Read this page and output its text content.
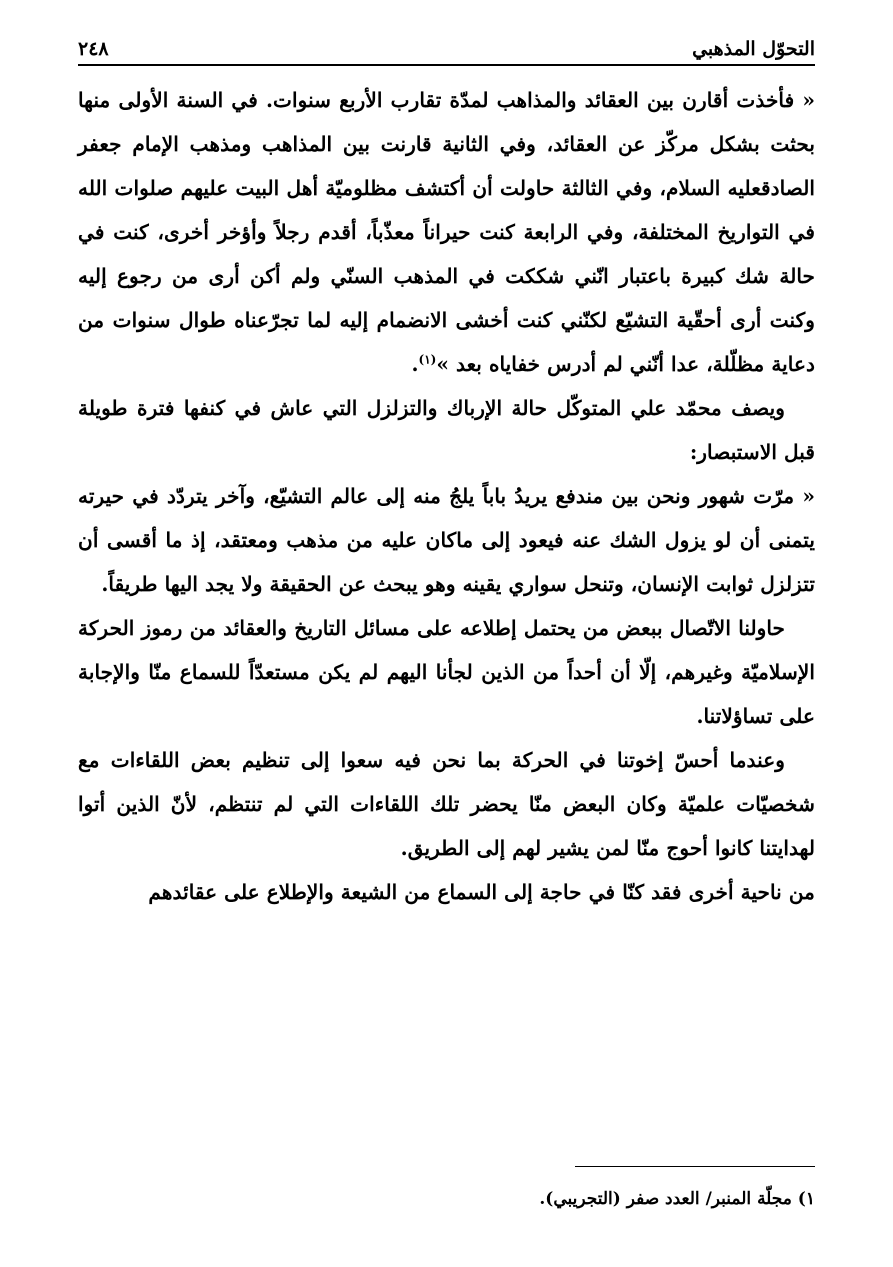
التحوّل المذهبي
٢٤٨

« فأخذت أقارن بين العقائد والمذاهب لمدّة تقارب الأربع سنوات. في السنة الأولى منها بحثت بشكل مركّز عن العقائد، وفي الثانية قارنت بين المذاهب ومذهب الإمام جعفر الصادقعليه السلام، وفي الثالثة حاولت أن أكتشف مظلوميّة أهل البيت عليهم صلوات الله في التواريخ المختلفة، وفي الرابعة كنت حيراناً معذّباً، أقدم رجلاً وأؤخر أخرى، كنت في حالة شك كبيرة باعتبار انّني شككت في المذهب السنّي ولم أكن أرى من رجوع إليه وكنت أرى أحقّية التشيّع لكنّني كنت أخشى الانضمام إليه لما تجرّعناه طوال سنوات من دعاية مظلّلة، عدا أنّني لم أدرس خفاياه بعد »$^{(١)}$.

ويصف محمّد علي المتوكّل حالة الإرباك والتزلزل التي عاش في كنفها فترة طويلة قبل الاستبصار:

« مرّت شهور ونحن بين مندفع يريدُ باباً يلجُ منه إلى عالم التشيّع، وآخر يتردّد في حيرته يتمنى أن لو يزول الشك عنه فيعود إلى ماكان عليه من مذهب ومعتقد، إذ ما أقسى أن تتزلزل ثوابت الإنسان، وتنحل سواري يقينه وهو يبحث عن الحقيقة ولا يجد اليها طريقاً.

حاولنا الاتّصال ببعض من يحتمل إطلاعه على مسائل التاريخ والعقائد من رموز الحركة الإسلاميّة وغيرهم، إلّا أن أحداً من الذين لجأنا اليهم لم يكن مستعدّاً للسماع منّا والإجابة على تساؤلاتنا.

وعندما أحسّ إخوتنا في الحركة بما نحن فيه سعوا إلى تنظيم بعض اللقاءات مع شخصيّات علميّة وكان البعض منّا يحضر تلك اللقاءات التي لم تنتظم، لأنّ الذين أتوا لهدايتنا كانوا أحوج منّا لمن يشير لهم إلى الطريق.

من ناحية أخرى فقد كنّا في حاجة إلى السماع من الشيعة والإطلاع على عقائدهم

١) مجلّة المنبر/ العدد صفر (التجريبي).
